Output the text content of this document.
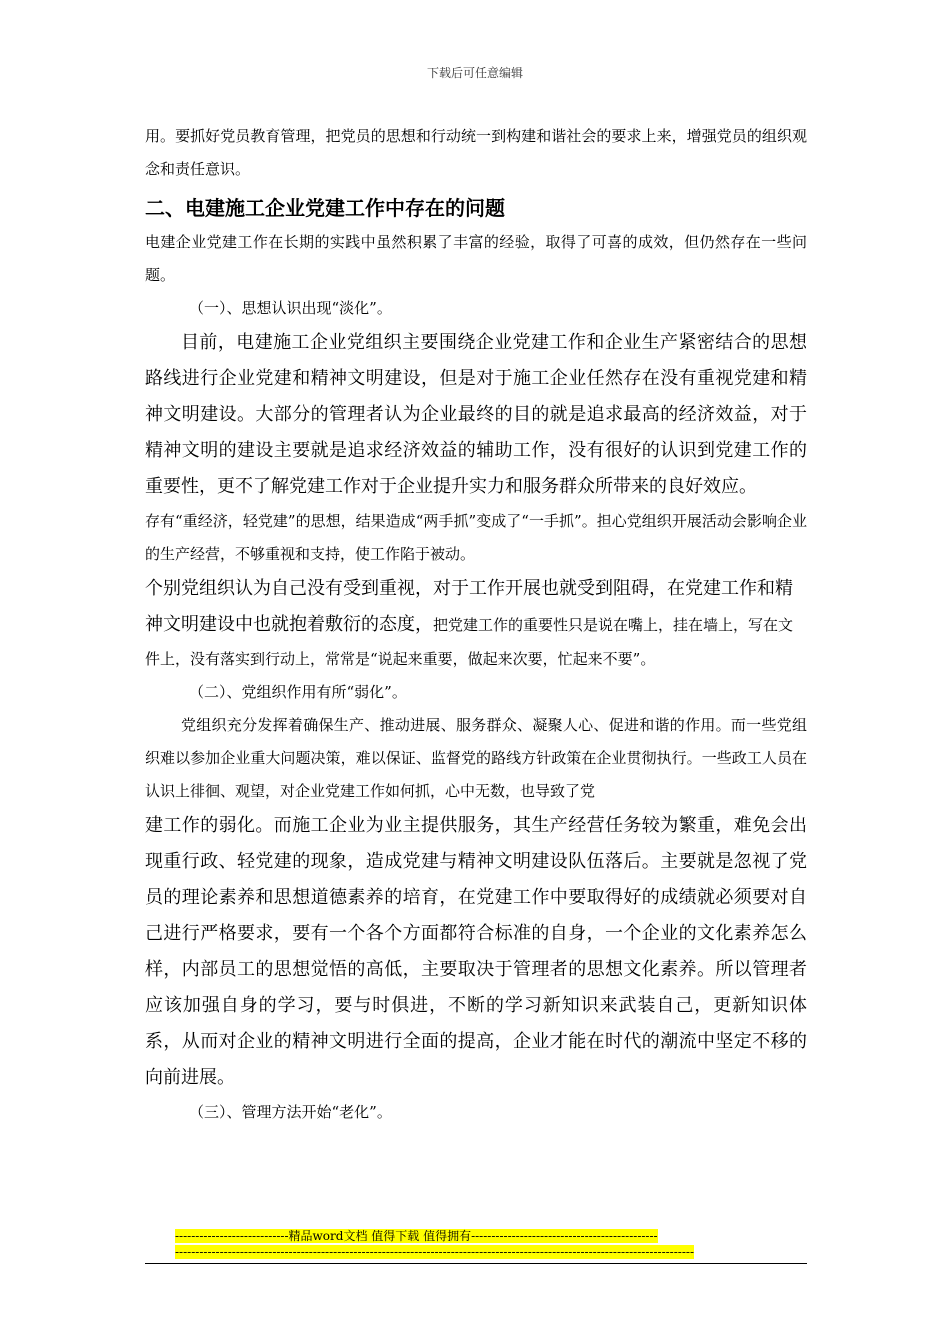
下载后可任意编辑

用。要抓好党员教育管理，把党员的思想和行动统一到构建和谐社会的要求上来，增强党员的组织观念和责任意识。

二、电建施工企业党建工作中存在的问题

电建企业党建工作在长期的实践中虽然积累了丰富的经验，取得了可喜的成效，但仍然存在一些问题。

（一）、思想认识出现“淡化”。

目前，电建施工企业党组织主要围绕企业党建工作和企业生产紧密结合的思想路线进行企业党建和精神文明建设，但是对于施工企业任然存在没有重视党建和精神文明建设。大部分的管理者认为企业最终的目的就是追求最高的经济效益，对于精神文明的建设主要就是追求经济效益的辅助工作，没有很好的认识到党建工作的重要性，更不了解党建工作对于企业提升实力和服务群众所带来的良好效应。

存有“重经济，轻党建”的思想，结果造成“两手抓”变成了“一手抓”。担心党组织开展活动会影响企业的生产经营，不够重视和支持，使工作陷于被动。

个别党组织认为自己没有受到重视，对于工作开展也就受到阻碍，在党建工作和精神文明建设中也就抱着敷衍的态度，

把党建工作的重要性只是说在嘴上，挂在墙上，写在文件上，没有落实到行动上，常常是“说起来重要，做起来次要，忙起来不要”。

（二）、党组织作用有所“弱化”。

党组织充分发挥着确保生产、推动进展、服务群众、凝聚人心、促进和谐的作用。而一些党组织难以参加企业重大问题决策，难以保证、监督党的路线方针政策在企业贯彻执行。一些政工人员在认识上徘徊、观望，对企业党建工作如何抓，心中无数，也导致了党

建工作的弱化。而施工企业为业主提供服务，其生产经营任务较为繁重，难免会出现重行政、轻党建的现象，造成党建与精神文明建设队伍落后。主要就是忽视了党员的理论素养和思想道德素养的培育，在党建工作中要取得好的成绩就必须要对自己进行严格要求，要有一个各个方面都符合标准的自身，一个企业的文化素养怎么样，内部员工的思想觉悟的高低，主要取决于管理者的思想文化素养。所以管理者应该加强自身的学习，要与时俱进，不断的学习新知识来武装自己，更新知识体系，从而对企业的精神文明进行全面的提高，企业才能在时代的潮流中坚定不移的向前进展。

（三）、管理方法开始“老化”。

----------------------------精品word文档 值得下载 值得拥有----------------------------------------------
--------------------------------------------------------------------------------------------------------------------------------
